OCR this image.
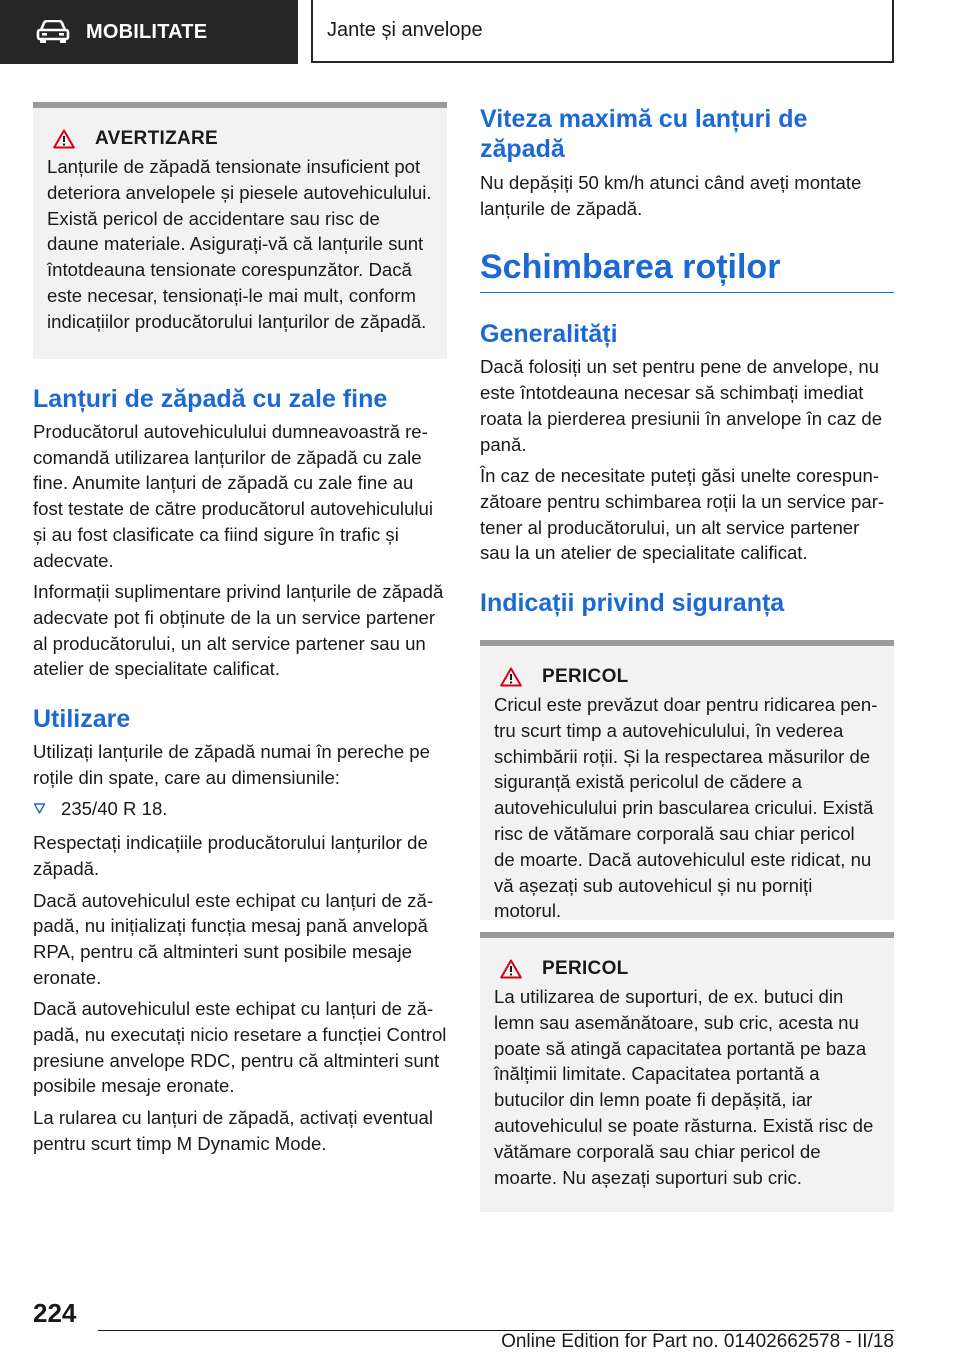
MOBILITATE	Jante și anvelope
AVERTIZARE

Lanțurile de zăpadă tensionate insuficient pot deteriora anvelopele și piesele autovehiculului. Există pericol de accidentare sau risc de daune materiale. Asigurați-vă că lanțurile sunt întotdeauna tensionate corespunzător. Dacă este necesar, tensionați-le mai mult, conform indicațiilor producătorului lanțurilor de zăpadă.

Lanțuri de zăpadă cu zale fine

Producătorul autovehiculului dumneavoastră recomandă utilizarea lanțurilor de zăpadă cu zale fine. Anumite lanțuri de zăpadă cu zale fine au fost testate de către producătorul autovehiculului și au fost clasificate ca fiind sigure în trafic și adecvate.

Informații suplimentare privind lanțurile de zăpadă adecvate pot fi obținute de la un service partener al producătorului, un alt service partener sau un atelier de specialitate calificat.

Utilizare

Utilizați lanțurile de zăpadă numai în pereche pe roțile din spate, care au dimensiunile:

235/40 R 18.

Respectați indicațiile producătorului lanțurilor de zăpadă.

Dacă autovehiculul este echipat cu lanțuri de zăpadă, nu inițializați funcția mesaj pană anvelopă RPA, pentru că altminteri sunt posibile mesaje eronate.

Dacă autovehiculul este echipat cu lanțuri de zăpadă, nu executați nicio resetare a funcției Control presiune anvelope RDC, pentru că altminteri sunt posibile mesaje eronate.

La rularea cu lanțuri de zăpadă, activați eventual pentru scurt timp M Dynamic Mode.

Viteza maximă cu lanțuri de zăpadă

Nu depășiți 50 km/h atunci când aveți montate lanțurile de zăpadă.

Schimbarea roților
Generalități

Dacă folosiți un set pentru pene de anvelope, nu este întotdeauna necesar să schimbați imediat roata la pierderea presiunii în anvelope în caz de pană.

În caz de necesitate puteți găsi unelte corespunzătoare pentru schimbarea roții la un service partener al producătorului, un alt service partener sau la un atelier de specialitate calificat.

Indicații privind siguranța
PERICOL

Cricul este prevăzut doar pentru ridicarea pentru scurt timp a autovehiculului, în vederea schimbării roții. Și la respectarea măsurilor de siguranță există pericolul de cădere a autovehiculului prin bascularea cricului. Există risc de vătămare corporală sau chiar pericol de moarte. Dacă autovehiculul este ridicat, nu vă așezați sub autovehicul și nu porniți motorul.

PERICOL

La utilizarea de suporturi, de ex. butuci din lemn sau asemănătoare, sub cric, acesta nu poate să atingă capacitatea portantă pe baza înălțimii limitate. Capacitatea portantă a butucilor din lemn poate fi depășită, iar autovehiculul se poate răsturna. Există risc de vătămare corporală sau chiar pericol de moarte. Nu așezați suporturi sub cric.

224
Online Edition for Part no. 01402662578 - II/18
